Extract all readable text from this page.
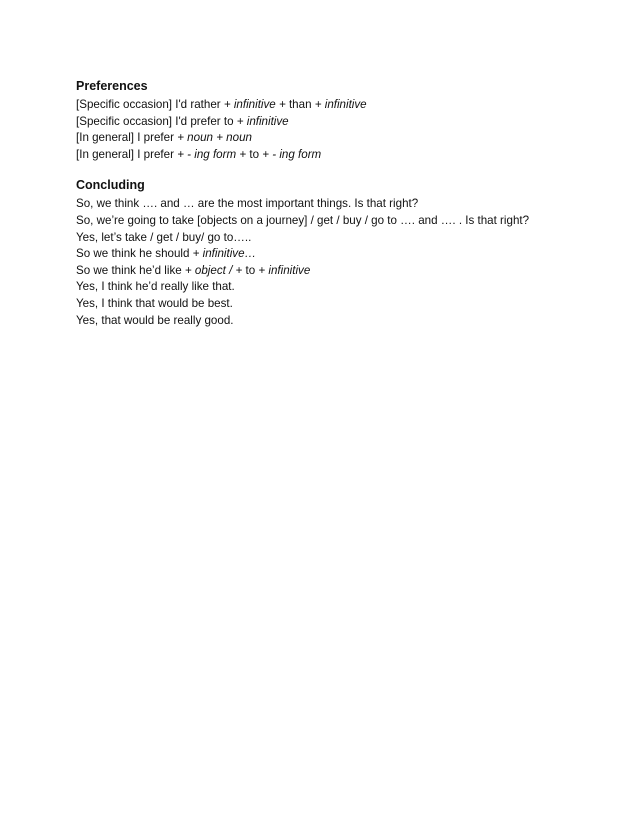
Preferences
[Specific occasion] I'd rather + infinitive + than + infinitive
[Specific occasion] I'd prefer to + infinitive
[In general] I prefer + noun + noun
[In general] I prefer + - ing form + to + - ing form
Concluding
So, we think …. and … are the most important things. Is that right?
So, we’re going to take [objects on a journey] / get / buy / go to …. and …. . Is that right?
Yes, let’s take / get / buy/ go to…..
So we think he should + infinitive…
So we think he’d like + object / + to + infinitive
Yes, I think he’d really like that.
Yes, I think that would be best.
Yes, that would be really good.
